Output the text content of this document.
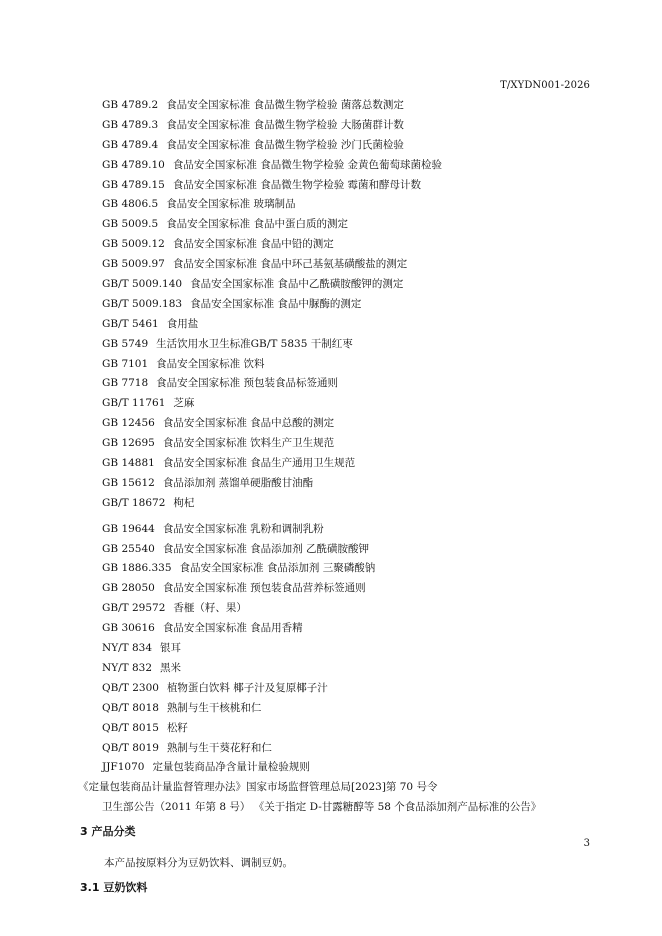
T/XYDN001-2026
GB 4789.2 食品安全国家标准 食品微生物学检验 菌落总数测定
GB 4789.3 食品安全国家标准 食品微生物学检验 大肠菌群计数
GB 4789.4 食品安全国家标准 食品微生物学检验 沙门氏菌检验
GB 4789.10 食品安全国家标准 食品微生物学检验 金黄色葡萄球菌检验
GB 4789.15 食品安全国家标准 食品微生物学检验 霉菌和酵母计数
GB 4806.5 食品安全国家标准 玻璃制品
GB 5009.5 食品安全国家标准 食品中蛋白质的测定
GB 5009.12 食品安全国家标准 食品中铅的测定
GB 5009.97 食品安全国家标准 食品中环己基氨基磺酸盐的测定
GB/T 5009.140 食品安全国家标准 食品中乙酰磺胺酸钾的测定
GB/T 5009.183 食品安全国家标准 食品中脲酶的测定
GB/T 5461 食用盐
GB 5749 生活饮用水卫生标准GB/T 5835 干制红枣
GB 7101 食品安全国家标准 饮料
GB 7718 食品安全国家标准 预包装食品标签通则
GB/T 11761 芝麻
GB 12456 食品安全国家标准 食品中总酸的测定
GB 12695 食品安全国家标准 饮料生产卫生规范
GB 14881 食品安全国家标准 食品生产通用卫生规范
GB 15612 食品添加剂 蒸馏单硬脂酸甘油酯
GB/T 18672 枸杞
GB 19644 食品安全国家标准 乳粉和调制乳粉
GB 25540 食品安全国家标准 食品添加剂 乙酰磺胺酸钾
GB 1886.335 食品安全国家标准 食品添加剂 三聚磷酸钠
GB 28050 食品安全国家标准 预包装食品营养标签通则
GB/T 29572 香榧（籽、果）
GB 30616 食品安全国家标准 食品用香精
NY/T 834 银耳
NY/T 832 黑米
QB/T 2300 植物蛋白饮料 椰子汁及复原椰子汁
QB/T 8018 熟制与生干核桃和仁
QB/T 8015 松籽
QB/T 8019 熟制与生干葵花籽和仁
JJF1070 定量包装商品净含量计量检验规则
《定量包装商品计量监督管理办法》国家市场监督管理总局[2023]第 70 号令
卫生部公告（2011 年第 8 号） 《关于指定 D-甘露糖醇等 58 个食品添加剂产品标准的公告》
3 产品分类
3
本产品按原料分为豆奶饮料、调制豆奶。
3.1 豆奶饮料
